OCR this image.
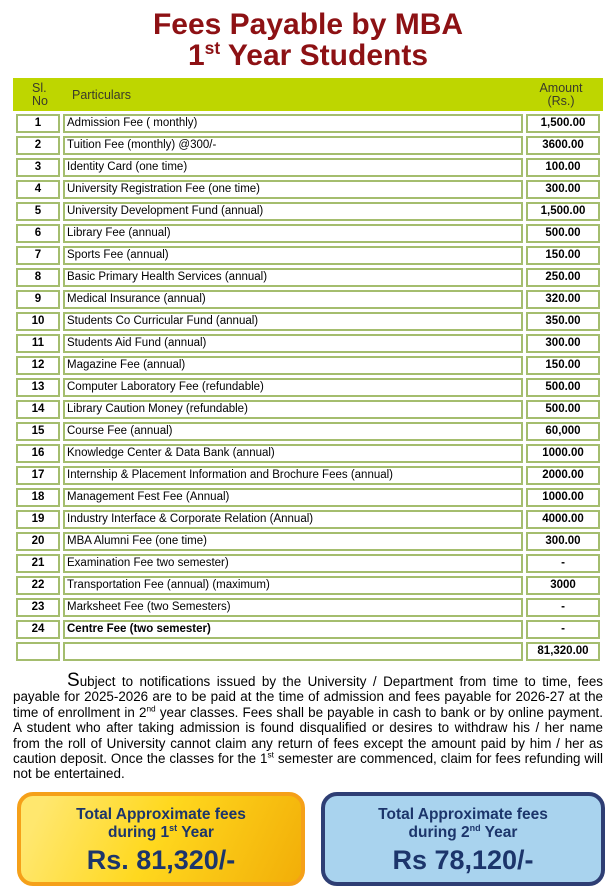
Fees Payable by MBA
1st Year Students
Sl.
No	Particulars	Amount
(Rs.)
1	Admission Fee ( monthly)	1,500.00
2	Tuition Fee (monthly) @300/-	3600.00
3	Identity Card (one time)	100.00
4	University Registration Fee (one time)	300.00
5	University Development Fund (annual)	1,500.00
6	Library Fee (annual)	500.00
7	Sports Fee (annual)	150.00
8	Basic Primary Health Services (annual)	250.00
9	Medical Insurance (annual)	320.00
10	Students Co Curricular Fund (annual)	350.00
11	Students Aid Fund (annual)	300.00
12	Magazine Fee (annual)	150.00
13	Computer Laboratory Fee (refundable)	500.00
14	Library Caution Money (refundable)	500.00
15	Course Fee (annual)	60,000
16	Knowledge Center & Data Bank (annual)	1000.00
17	Internship & Placement Information and Brochure Fees (annual)	2000.00
18	Management Fest Fee (Annual)	1000.00
19	Industry Interface & Corporate Relation (Annual)	4000.00
20	MBA Alumni Fee (one time)	300.00
21	Examination Fee two semester)	-
22	Transportation Fee (annual) (maximum)	3000
23	Marksheet Fee (two Semesters)	-
24	Centre Fee (two semester)	-
		81,320.00

Subject to notifications issued by the University / Department from time to time, fees payable for 2025-2026 are to be paid at the time of admission and fees payable for 2026-27 at the time of enrollment in 2nd year classes. Fees shall be payable in cash to bank or by online payment. A student who after taking admission is found disqualified or desires to withdraw his / her name from the roll of University cannot claim any return of fees except the amount paid by him / her as caution deposit. Once the classes for the 1st semester are commenced, claim for fees refunding will not be entertained.

Total Approximate fees
during 1st Year
Rs. 81,320/-
Total Approximate fees
during 2nd Year
Rs 78,120/-
